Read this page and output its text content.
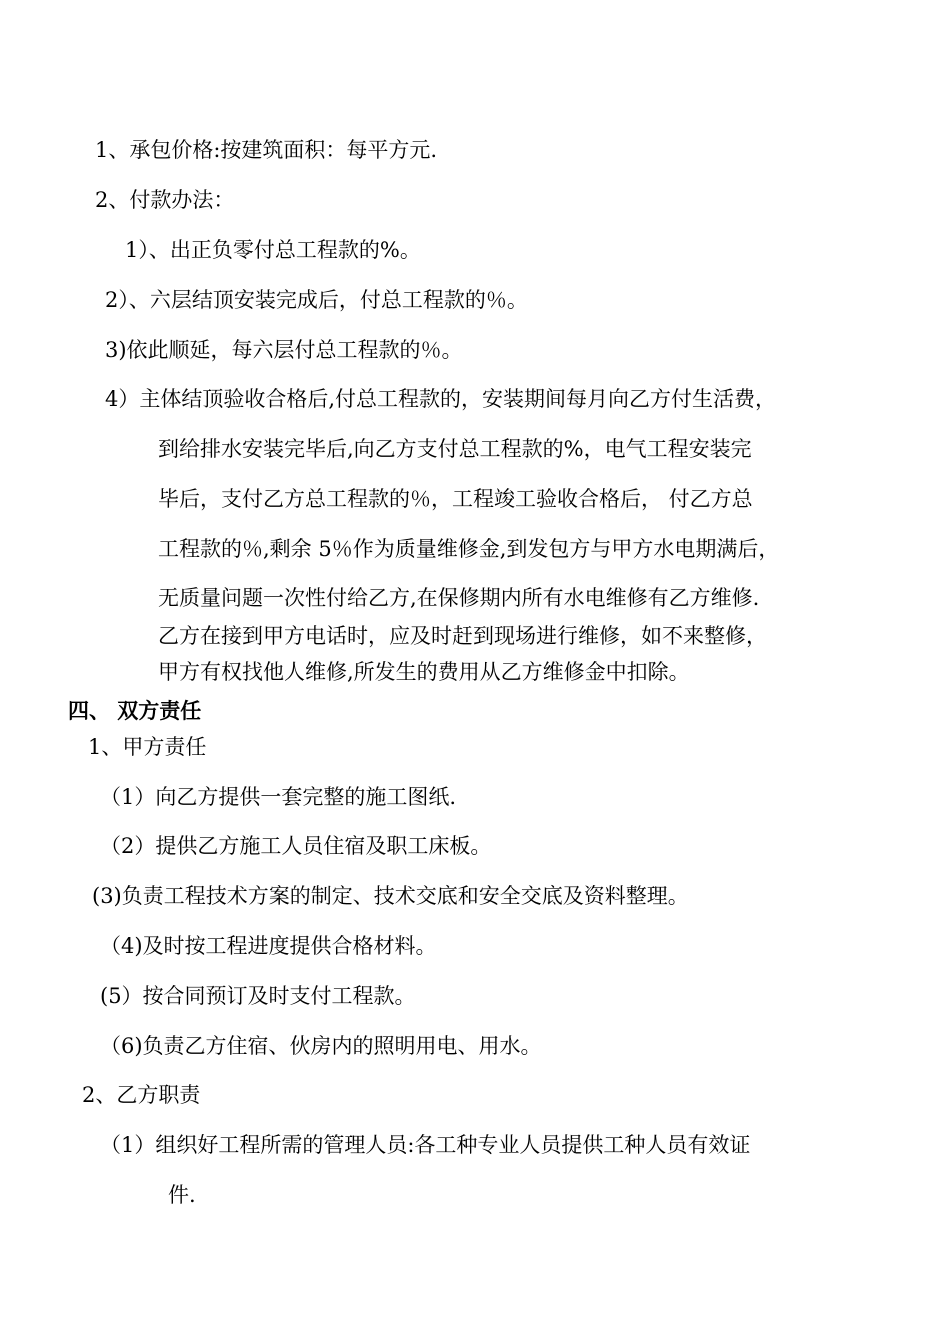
1、承包价格:按建筑面积：每平方元.
2、付款办法：
1）、出正负零付总工程款的%。
2）、六层结顶安装完成后，付总工程款的％。
3)依此顺延，每六层付总工程款的％。
4）主体结顶验收合格后,付总工程款的，安装期间每月向乙方付生活费，
到给排水安装完毕后,向乙方支付总工程款的%，电气工程安装完
毕后，支付乙方总工程款的％，工程竣工验收合格后， 付乙方总
工程款的％,剩余 5％作为质量维修金,到发包方与甲方水电期满后，
无质量问题一次性付给乙方,在保修期内所有水电维修有乙方维修.
乙方在接到甲方电话时，应及时赶到现场进行维修，如不来整修，
甲方有权找他人维修,所发生的费用从乙方维修金中扣除。
四、 双方责任
1、甲方责任
（1）向乙方提供一套完整的施工图纸.
（2）提供乙方施工人员住宿及职工床板。
(3)负责工程技术方案的制定、技术交底和安全交底及资料整理。
（4)及时按工程进度提供合格材料。
(5）按合同预订及时支付工程款。
（6)负责乙方住宿、伙房内的照明用电、用水。
2、乙方职责
（1）组织好工程所需的管理人员:各工种专业人员提供工种人员有效证
件.
